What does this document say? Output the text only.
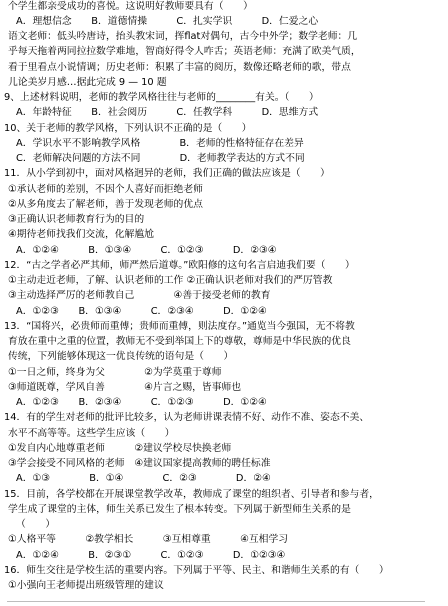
个学生都亲受成功的喜悦。这说明好教师要具有（　　）

A．理想信念　　B．道德情操　　　C．扎实学识　　　D．仁爱之心

语文老师：低头吟唐诗，抬头教宋词，挥flat对偶句，古今中外学；数学老师：几

乎每天拖着两同拉拉数学难地，智商好得令人咋舌；英语老师：充满了欧美气质，

看于里看点小说情调；历史老师：积累了丰富的阅历，数像还略老师的歌，带点

儿论美岁月感…据此完成 9 — 10 题

9、上述材料说明，老师的教学风格往往与老师的________有关。（　　）

A．年龄特征　　B．社会阅历　　　C．任教学科　　　D．思维方式

10、关于老师的教学风格，下列认识不正确的是（　　）

A．学识水平不影响教学风格　　　　B．老师的性格特征存在差异

C．老师解决问题的方法不同　　　　D．老师教学表达的方式不同

11．从小学到初中，面对风格迥异的老师，我们正确的做法应该是（　　）

①承认老师的差别，不因个人喜好而拒绝老师

②从多角度去了解老师，善于发现老师的优点

③正确认识老师教育行为的目的

④期待老师找我们交流，化解尴尬

A．①②④　　　B．①③④　　　C．①②③　　　D．②③④

12．“古之学者必严其师，师严然后道尊。”欧阳修的这句名言启迪我们要（　　）

①主动走近老师，了解、认识老师的工作 ②正确认识老师对我们的严厉管教

③主动选择严厉的老师教自己　　　　④善于接受老师的教育

A．①②③　　B．①③④　　　C．②③④　　　D．①②④

13．“国将兴，必贵师而重傅；贵师而重傅，则法度存。”通览当今强国，无不将教

育放在重中之重的位置，教师无不受到举国上下的尊敬，尊师是中华民族的优良

传统，下列能够体现这一优良传统的语句是（　　）

①一日之师，终身为父　　　　②为学莫重于尊师

③师道既尊，学风自善　　　　④片言之赐，皆事师也

A．①②③　　B．②③④　　　C．①②③　　　D．①②④

14．有的学生对老师的批评比较多，认为老师讲课表情不好、动作不准、姿态不美、

水平不高等等。这些学生应该（　　）

①发自内心地尊重老师　　　②建议学校尽快换老师

③学会接受不同风格的老师　④建议国家提高教师的聘任标准

A．①③　　　　B．①④　　　　C．②③　　　　D．②④

15．目前，各学校都在开展课堂教学改革，教师成了课堂的组织者、引导者和参与者，

学生成了课堂的主体，师生关系已发生了根本转变。下列属于新型师生关系的是

（　　）

①人格平等　　　②教学相长　　　③互相尊重　　　④互相学习

A．①②④　　　B．②③①　　　C．①②③　　　D．①②③④

16．师生交往是学校生活的重要内容。下列属于平等、民主、和谐师生关系的有（　　）

①小强向王老师提出班级管理的建议
